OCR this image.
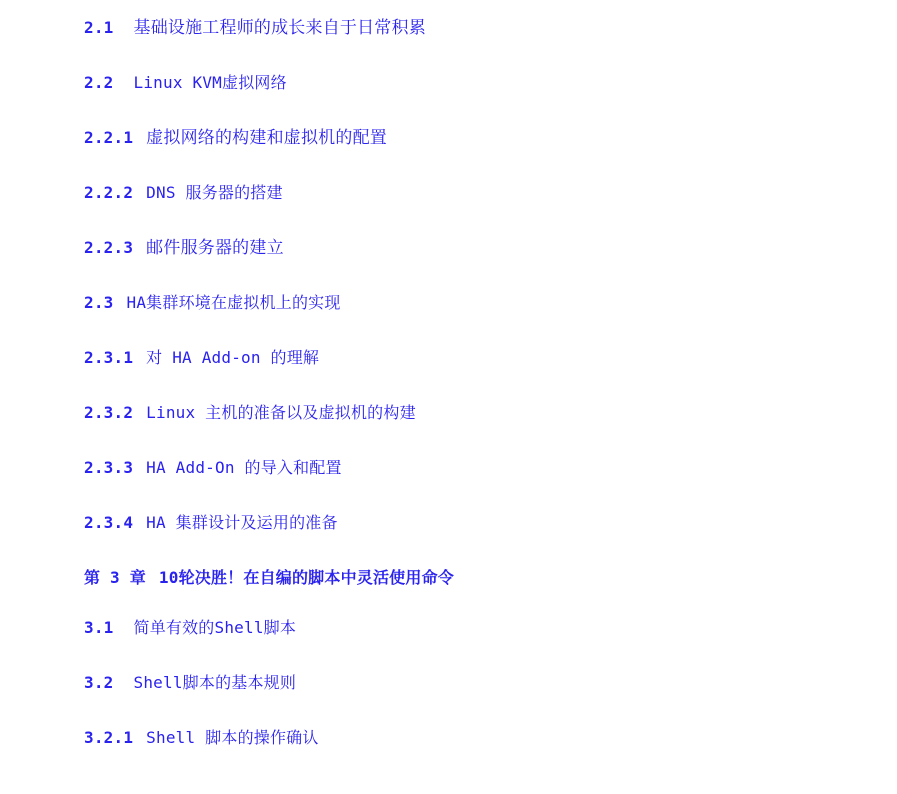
2.1 基础设施工程师的成长来自于日常积累
2.2 Linux KVM虚拟网络
2.2.1 虚拟网络的构建和虚拟机的配置
2.2.2 DNS 服务器的搭建
2.2.3 邮件服务器的建立
2.3 HA集群环境在虚拟机上的实现
2.3.1 对 HA Add-on 的理解
2.3.2 Linux 主机的准备以及虚拟机的构建
2.3.3 HA Add-On 的导入和配置
2.3.4 HA 集群设计及运用的准备
第 3 章 10轮决胜！在自编的脚本中灵活使用命令
3.1 简单有效的Shell脚本
3.2 Shell脚本的基本规则
3.2.1 Shell 脚本的操作确认
